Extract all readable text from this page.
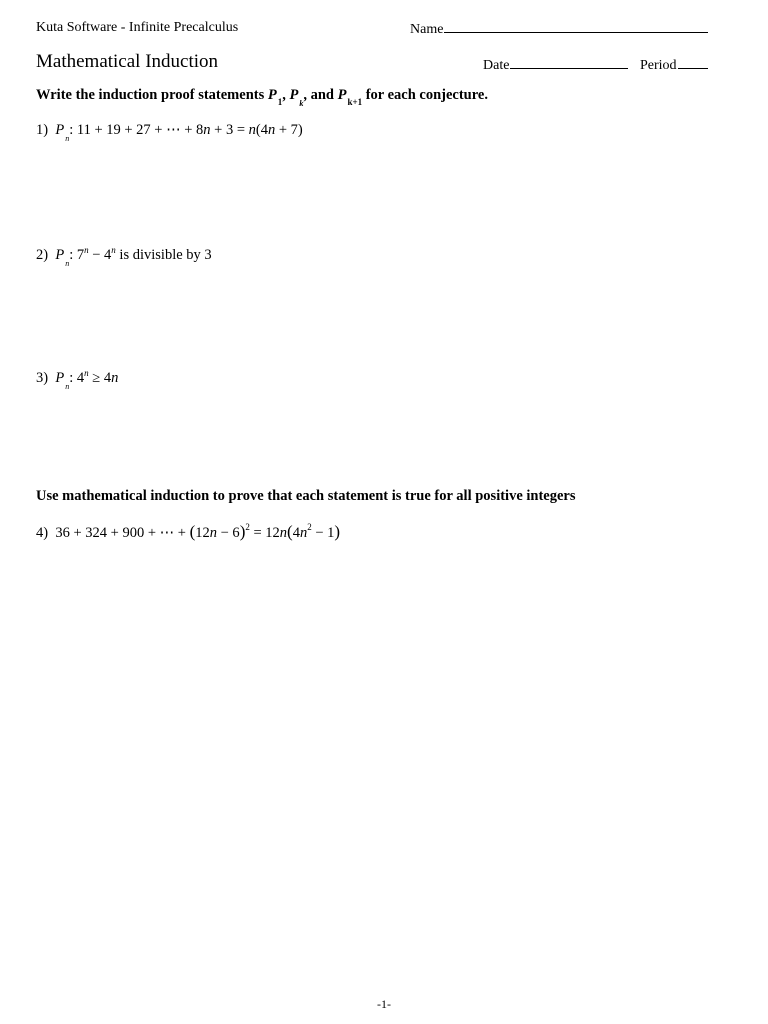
Kuta Software - Infinite Precalculus	Name
Mathematical Induction	Date	Period
Write the induction proof statements $P_1$, $P_k$, and $P_{k+1}$ for each conjecture.
1) $P_n$: 11 + 19 + 27 + ⋯ + 8n + 3 = n(4n + 7)
2) $P_n$: $7^n - 4^n$ is divisible by 3
3) $P_n$: $4^n \ge 4n$
Use mathematical induction to prove that each statement is true for all positive integers
4) 36 + 324 + 900 + ⋯ + $(12n - 6)^2 = 12n(4n^2 - 1)$
-1-
